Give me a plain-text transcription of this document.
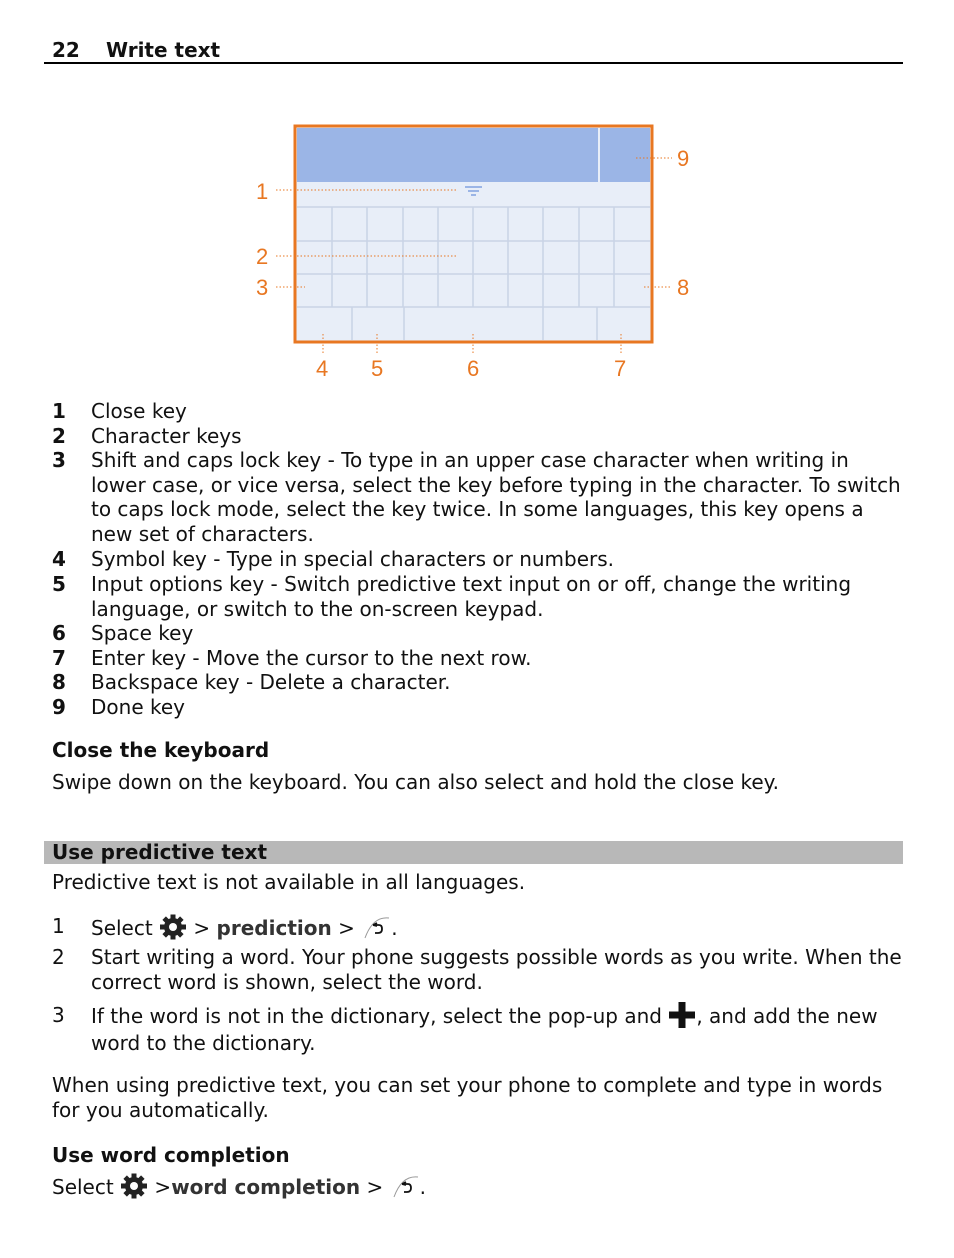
22 Write text
1
2
3
4 5	6	7
8
9
1 Close key
2 Character keys
3 Shift and caps lock key - To type in an upper case character when writing in lower case, or vice versa, select the key before typing in the character. To switch to caps lock mode, select the key twice. In some languages, this key opens a new set of characters.
4 Symbol key - Type in special characters or numbers.
5 Input options key - Switch predictive text input on or off, change the writing language, or switch to the on-screen keypad.
6 Space key
7 Enter key - Move the cursor to the next row.
8 Backspace key - Delete a character.
9 Done key
Close the keyboard
Swipe down on the keyboard. You can also select and hold the close key.
Use predictive text
Predictive text is not available in all languages.
1 Select > prediction > .
2 Start writing a word. Your phone suggests possible words as you write. When the correct word is shown, select the word.
3 If the word is not in the dictionary, select the pop-up and , and add the new word to the dictionary.
When using predictive text, you can set your phone to complete and type in words for you automatically.
Use word completion
Select >word completion > .
